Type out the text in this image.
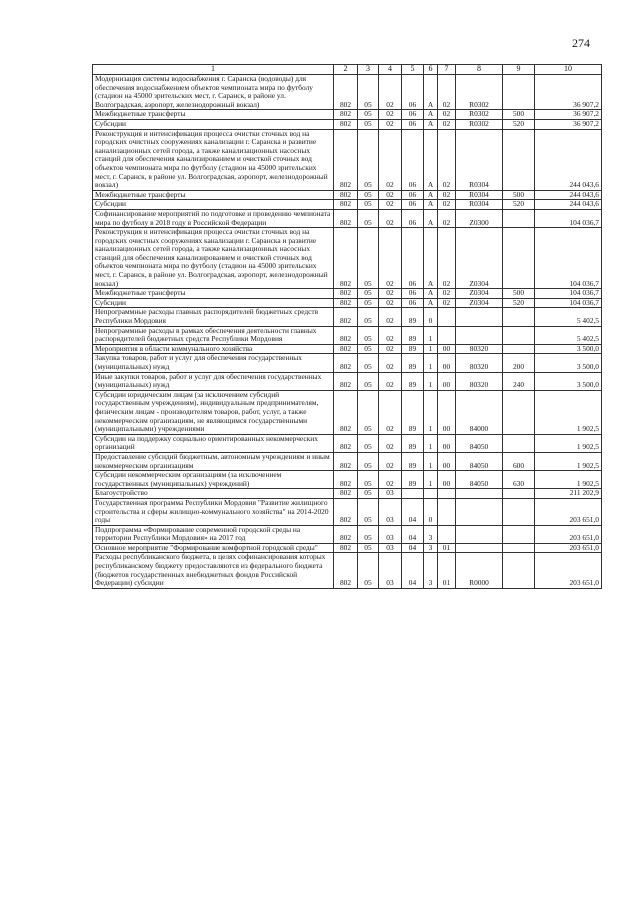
274
1	2	3	4	5	6	7	8	9	10
Модернизация системы водоснабжения г. Саранска (водоводы) для обеспечения водоснабжением объектов чемпионата мира по футболу (стадион на 45000 зрительских мест, г. Саранск, в районе ул. Волгоградская, аэропорт, железнодорожный вокзал)	802	05	02	06	А	02	R0302		36 907,2
Межбюджетные трансферты	802	05	02	06	А	02	R0302	500	36 907,2
Субсидии	802	05	02	06	А	02	R0302	520	36 907,2
Реконструкция и интенсификация процесса очистки сточных вод на городских очистных сооружениях канализации г. Саранска и развитие канализационных сетей города, а также канализационных насосных станций для обеспечения канализированием и очисткой сточных вод объектов чемпионата мира по футболу (стадион на 45000 зрительских мест, г. Саранск, в районе ул. Волгоградская, аэропорт, железнодорожный вокзал)	802	05	02	06	А	02	R0304		244 043,6
Межбюджетные трансферты	802	05	02	06	А	02	R0304	500	244 043,6
Субсидии	802	05	02	06	А	02	R0304	520	244 043,6
Софинансирование мероприятий по подготовке и проведению чемпионата мира по футболу в 2018 году в Российской Федерации	802	05	02	06	А	02	Z0300		104 036,7
Реконструкция и интенсификация процесса очистки сточных вод на городских очистных сооружениях канализации г. Саранска и развитие канализационных сетей города, а также канализационных насосных станций для обеспечения канализированием и очисткой сточных вод объектов чемпионата мира по футболу (стадион на 45000 зрительских мест, г. Саранск, в районе ул. Волгоградская, аэропорт, железнодорожный вокзал)	802	05	02	06	А	02	Z0304		104 036,7
Межбюджетные трансферты	802	05	02	06	А	02	Z0304	500	104 036,7
Субсидии	802	05	02	06	А	02	Z0304	520	104 036,7
Непрограммные расходы главных распорядителей бюджетных средств Республики Мордовия	802	05	02	89	0				5 402,5
Непрограммные расходы в рамках обеспечения деятельности главных распорядителей бюджетных средств Республики Мордовия	802	05	02	89	1				5 402,5
Мероприятия в области коммунального хозяйства	802	05	02	89	1	00	80320		3 500,0
Закупка товаров, работ и услуг для обеспечения государственных (муниципальных) нужд	802	05	02	89	1	00	80320	200	3 500,0
Иные закупки товаров, работ и услуг для обеспечения государственных (муниципальных) нужд	802	05	02	89	1	00	80320	240	3 500,0
Субсидии юридическим лицам (за исключением субсидий государственным учреждениям), индивидуальным предпринимателям, физическим лицам - производителям товаров, работ, услуг, а также некоммерческим организациям, не являющимся государственными (муниципальными) учреждениями	802	05	02	89	1	00	84000		1 902,5
Субсидии на поддержку социально ориентированных некоммерческих организаций	802	05	02	89	1	00	84050		1 902,5
Предоставление субсидий бюджетным, автономным учреждениям и иным некоммерческим организациям	802	05	02	89	1	00	84050	600	1 902,5
Субсидии некоммерческим организациям (за исключением государственных (муниципальных) учреждений)	802	05	02	89	1	00	84050	630	1 902,5
Благоустройство	802	05	03						211 202,9
Государственная программа Республики Мордовия "Развитие жилищного строительства и сферы жилищно-коммунального хозяйства" на 2014-2020 годы	802	05	03	04	0				203 651,0
Подпрограмма «Формирование современной городской среды на территории Республики Мордовия» на 2017 год	802	05	03	04	3				203 651,0
Основное мероприятие "Формирование комфортной городской среды"	802	05	03	04	3	01			203 651,0
Расходы республиканского бюджета, в целях софинансирования которых республиканскому бюджету предоставляются из федерального бюджета (бюджетов государственных внебюджетных фондов Российской Федерации) субсидии	802	05	03	04	3	01	R0000		203 651,0
